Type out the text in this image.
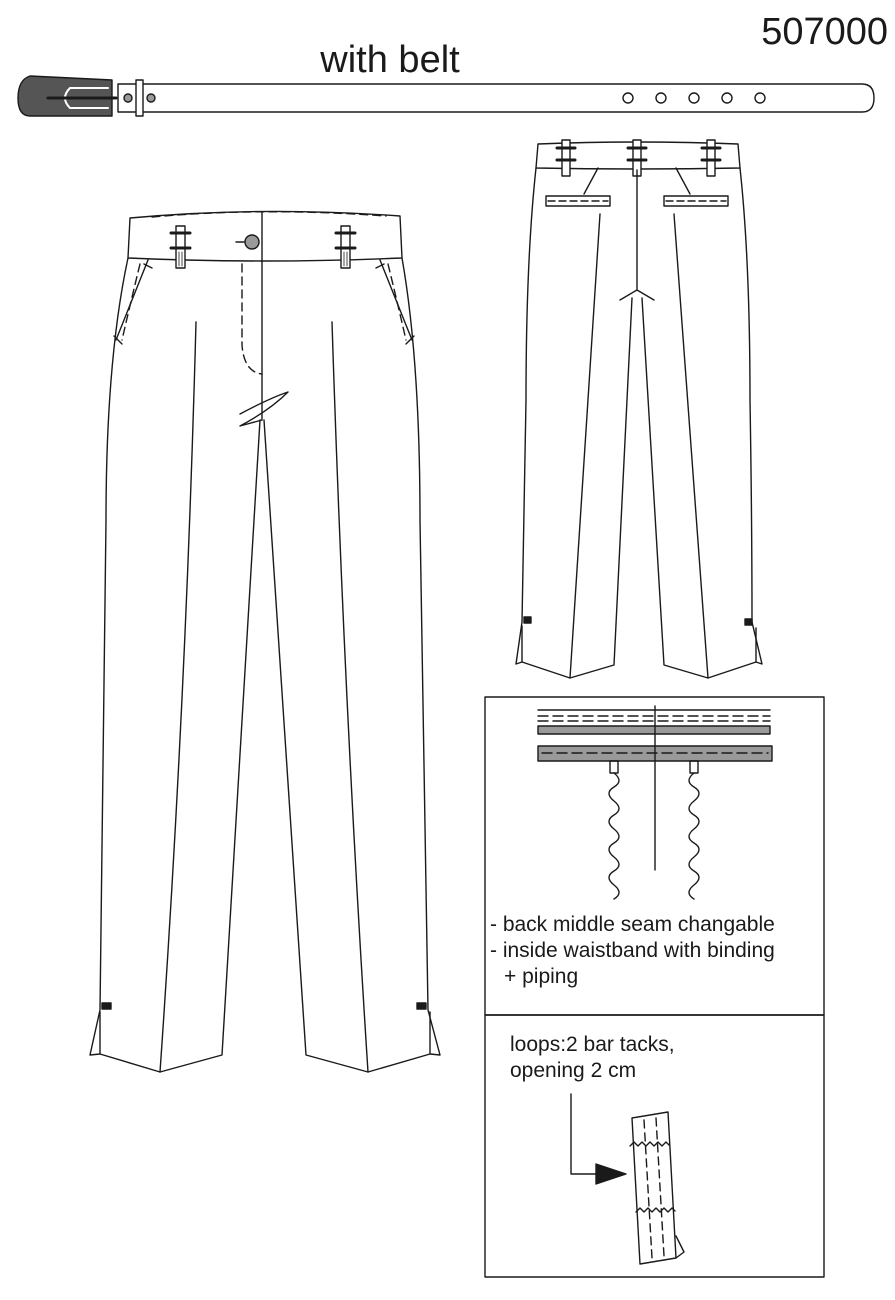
507000
with belt
- back middle seam changable
- inside waistband with binding
+ piping
loops:2 bar tacks,
opening 2 cm
